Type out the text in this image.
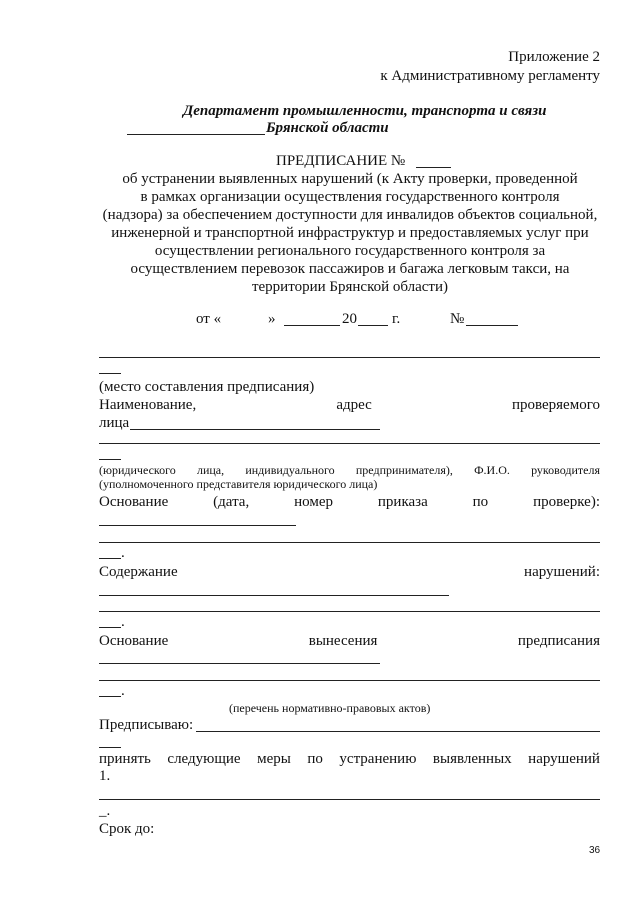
Приложение 2
к Административному регламенту
Департамент промышленности, транспорта и связи
Брянской области
ПРЕДПИСАНИЕ №
об устранении выявленных нарушений (к Акту проверки, проведенной
в рамках организации осуществления государственного контроля
(надзора) за обеспечением доступности для инвалидов объектов социальной,
инженерной и транспортной инфраструктур и предоставляемых услуг при
осуществлении регионального государственного контроля за
осуществлением перевозок пассажиров и багажа легковым такси, на
территории Брянской области)
от «	»	20 г.	№
(место составления предписания)
Наименование,	адрес	проверяемого
лица
(юридического лица, индивидуального предпринимателя), Ф.И.О. руководителя
(уполномоченного представителя юридического лица)
Основание	(дата,	номер	приказа	по	проверке):
.
Содержание	нарушений:
.
Основание	вынесения	предписания
.
(перечень нормативно-правовых актов)
Предписываю:
принять следующие меры по устранению выявленных нарушений
1.
_.
Срок до:
36
